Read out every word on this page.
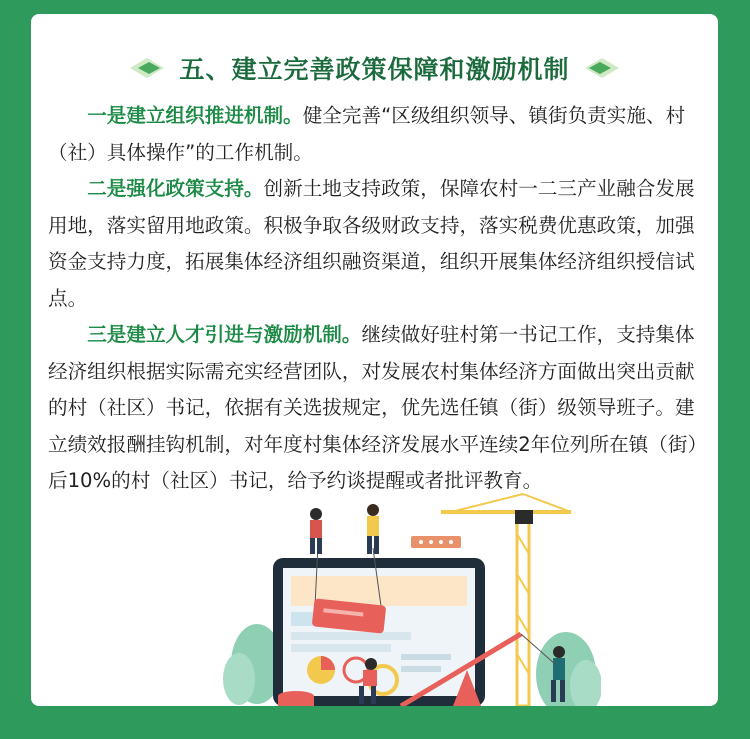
五、建立完善政策保障和激励机制

一是建立组织推进机制。健全完善“区级组织领导、镇街负责实施、村（社）具体操作”的工作机制。

二是强化政策支持。创新土地支持政策，保障农村一二三产业融合发展用地，落实留用地政策。积极争取各级财政支持，落实税费优惠政策，加强资金支持力度，拓展集体经济组织融资渠道，组织开展集体经济组织授信试点。

三是建立人才引进与激励机制。继续做好驻村第一书记工作，支持集体经济组织根据实际需充实经营团队，对发展农村集体经济方面做出突出贡献的村（社区）书记，依据有关选拔规定，优先选任镇（街）级领导班子。建立绩效报酬挂钩机制，对年度村集体经济发展水平连续2年位列所在镇（街）后10%的村（社区）书记，给予约谈提醒或者批评教育。
